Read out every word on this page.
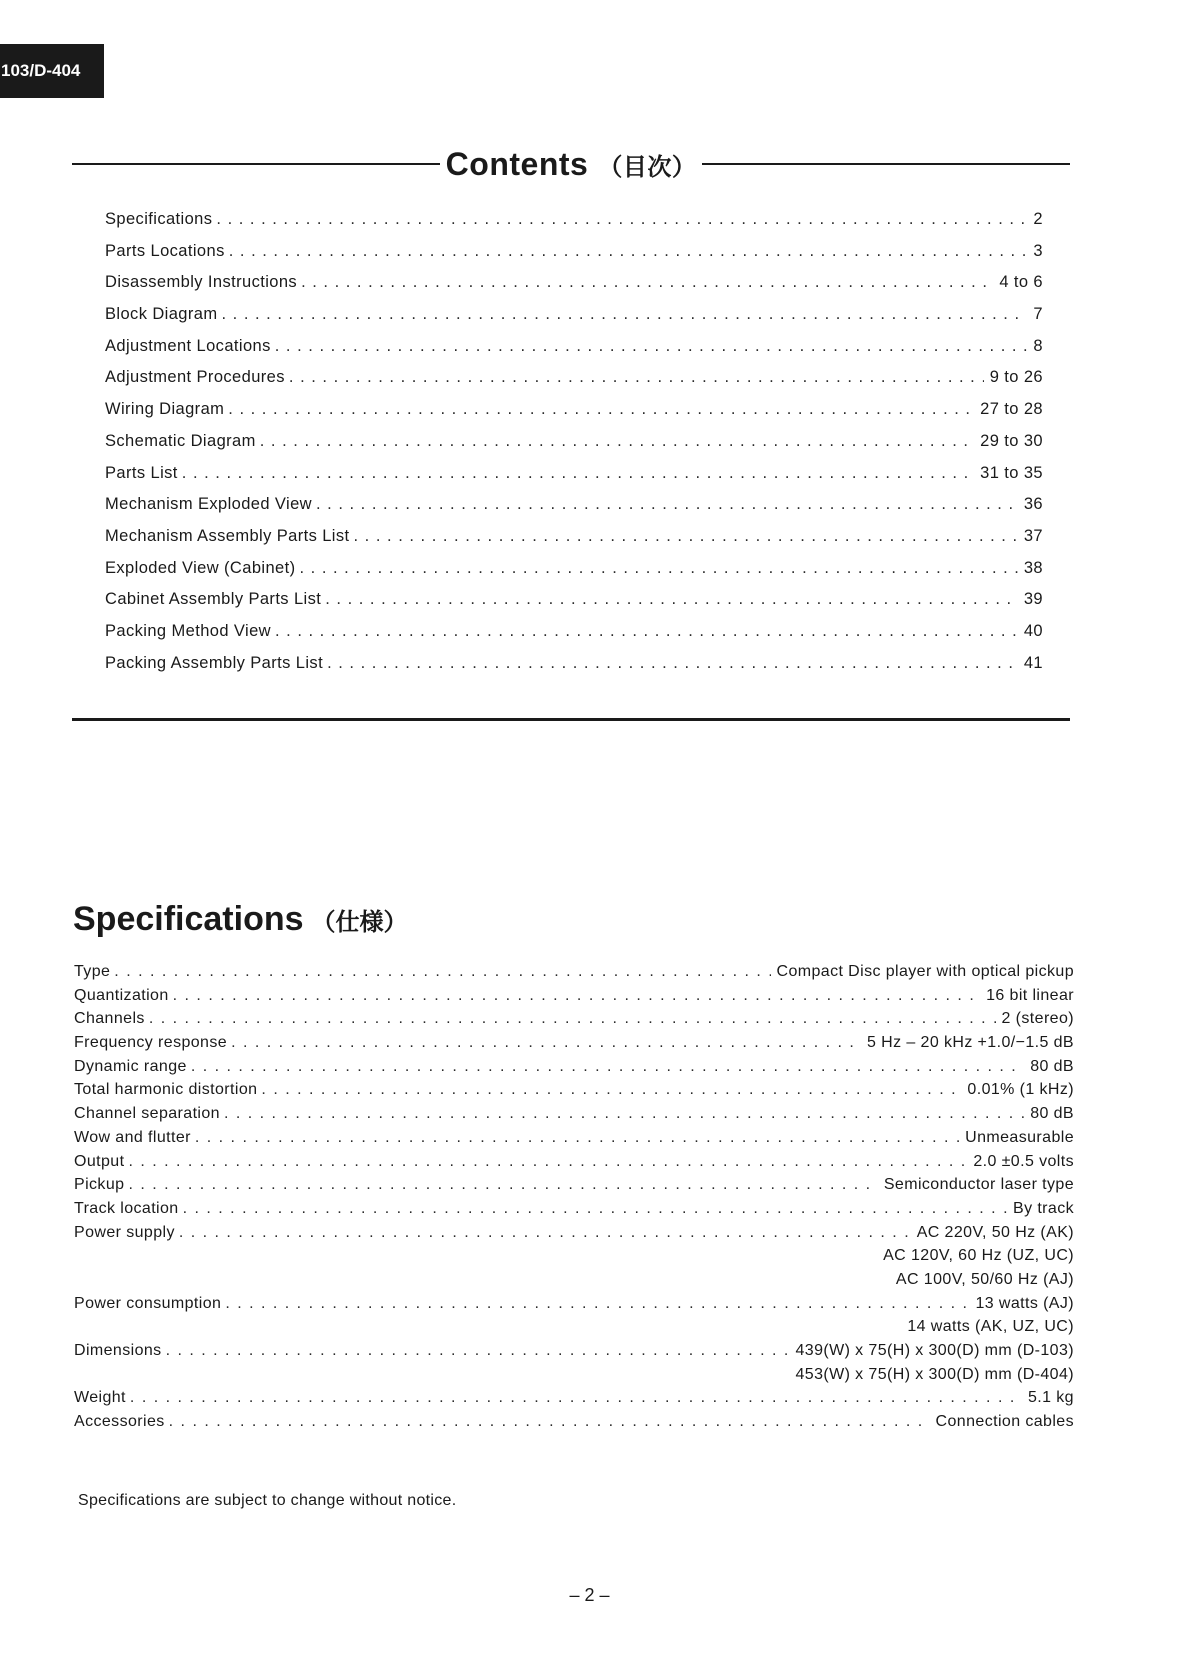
103/D-404
Contents （目次）
Specifications . . .	2
Parts Locations . . .	3
Disassembly Instructions . . .	4 to 6
Block Diagram . . .	7
Adjustment Locations . . .	8
Adjustment Procedures . . .	9 to 26
Wiring Diagram . . .	27 to 28
Schematic Diagram . . .	29 to 30
Parts List . . .	31 to 35
Mechanism Exploded View . . .	36
Mechanism Assembly Parts List . . .	37
Exploded View (Cabinet) . . .	38
Cabinet Assembly Parts List . . .	39
Packing Method View . . .	40
Packing Assembly Parts List . . .	41
Specifications （仕様）
Type . . .	Compact Disc player with optical pickup
Quantization . . .	16 bit linear
Channels . . .	2 (stereo)
Frequency response . . .	5 Hz – 20 kHz +1.0/−1.5 dB
Dynamic range . . .	80 dB
Total harmonic distortion . . .	0.01% (1 kHz)
Channel separation . . .	80 dB
Wow and flutter . . .	Unmeasurable
Output . . .	2.0 ±0.5 volts
Pickup . . .	Semiconductor laser type
Track location . . .	By track
Power supply . . .	AC 220V, 50 Hz (AK)
AC 120V, 60 Hz (UZ, UC)
AC 100V, 50/60 Hz (AJ)
Power consumption . . .	13 watts (AJ)
14 watts (AK, UZ, UC)
Dimensions . . .	439(W) x 75(H) x 300(D) mm (D-103)
453(W) x 75(H) x 300(D) mm (D-404)
Weight . . .	5.1 kg
Accessories . . .	Connection cables
Specifications are subject to change without notice.
– 2 –
